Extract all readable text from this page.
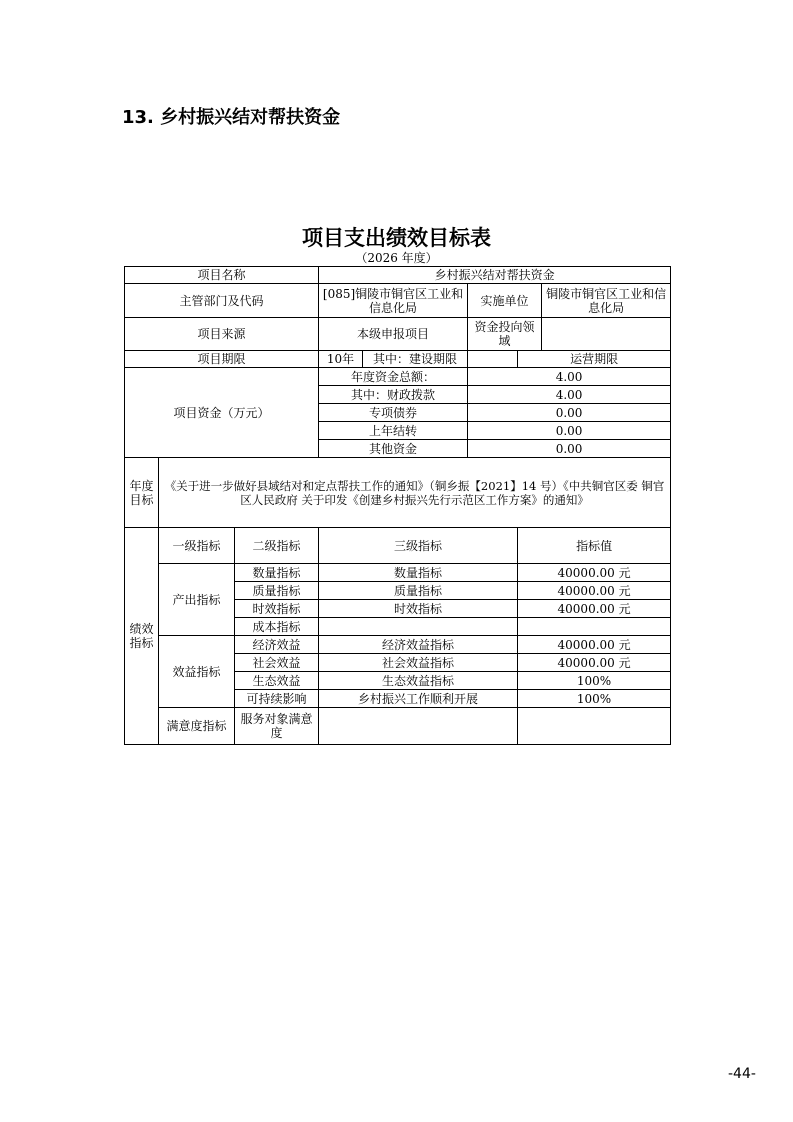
13. 乡村振兴结对帮扶资金
项目支出绩效目标表
（2026 年度）
项目名称			乡村振兴结对帮扶资金				
主管部门及代码			[085]铜陵市铜官区工业和信息化局		实施单位		铜陵市铜官区工业和信息化局
项目来源			本级申报项目		资金投向领域		
项目期限			10年	其中：建设期限		运营期限	
项目资金（万元）			年度资金总额：		4.00		
			其中：财政拨款		4.00		
			专项债券		0.00		
			上年结转		0.00		
			其他资金		0.00		
年度目标	《关于进一步做好县域结对和定点帮扶工作的通知》（铜乡振【2021】14 号）《中共铜官区委 铜官区人民政府 关于印发《创建乡村振兴先行示范区工作方案》的通知》						
绩效指标	一级指标	二级指标	三级指标			指标值	
	产出指标	数量指标	数量指标			40000.00 元	
		质量指标	质量指标			40000.00 元	
		时效指标	时效指标			40000.00 元	
		成本指标					
	效益指标	经济效益	经济效益指标			40000.00 元	
		社会效益	社会效益指标			40000.00 元	
		生态效益	生态效益指标			100%	
		可持续影响	乡村振兴工作顺利开展			100%	
	满意度指标	服务对象满意度					
-44-
